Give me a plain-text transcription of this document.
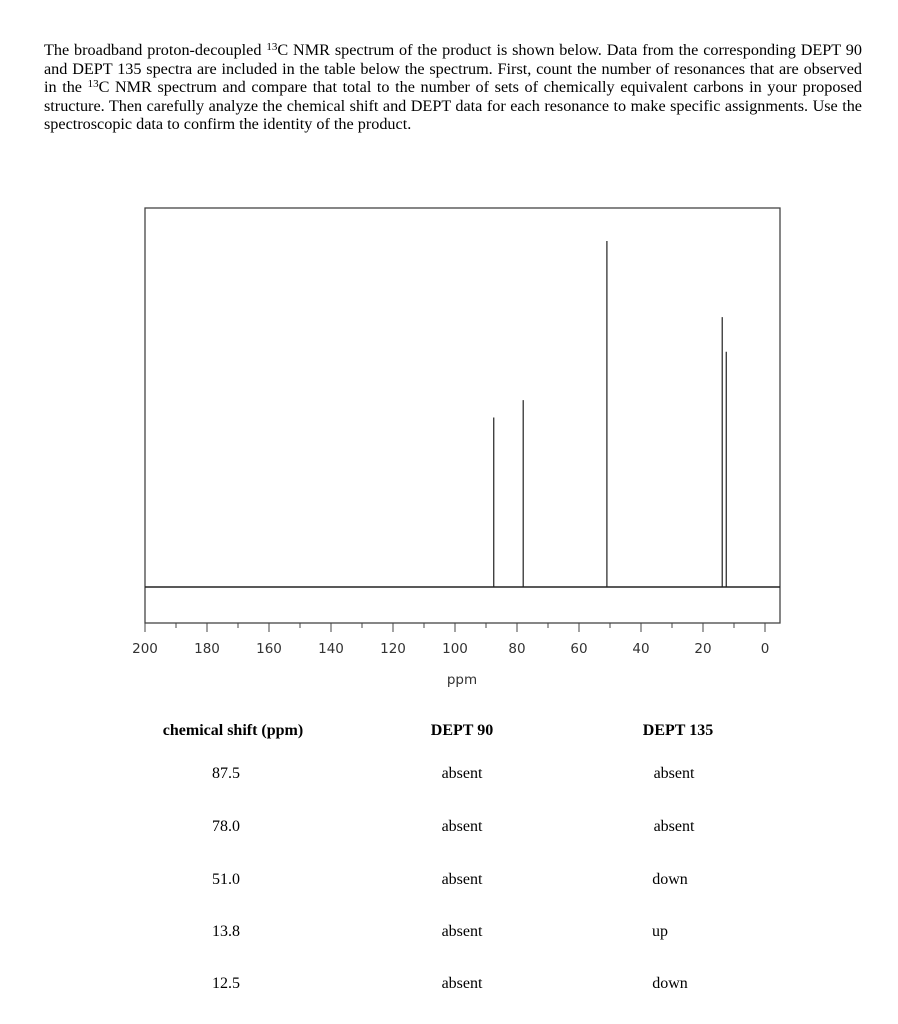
The broadband proton-decoupled $^{13}$C NMR spectrum of the product is shown below. Data from the corresponding DEPT 90 and DEPT 135 spectra are included in the table below the spectrum. First, count the number of resonances that are observed in the $^{13}$C NMR spectrum and compare that total to the number of sets of chemically equivalent carbons in your proposed structure. Then carefully analyze the chemical shift and DEPT data for each resonance to make specific assignments. Use the spectroscopic data to confirm the identity of the product.

200	180	160	140	120	100	80	60	40	20	0
ppm
chemical shift (ppm)	DEPT 90	DEPT 135
87.5	absent	absent
78.0	absent	absent
51.0	absent	down
13.8	absent	up
12.5	absent	down
